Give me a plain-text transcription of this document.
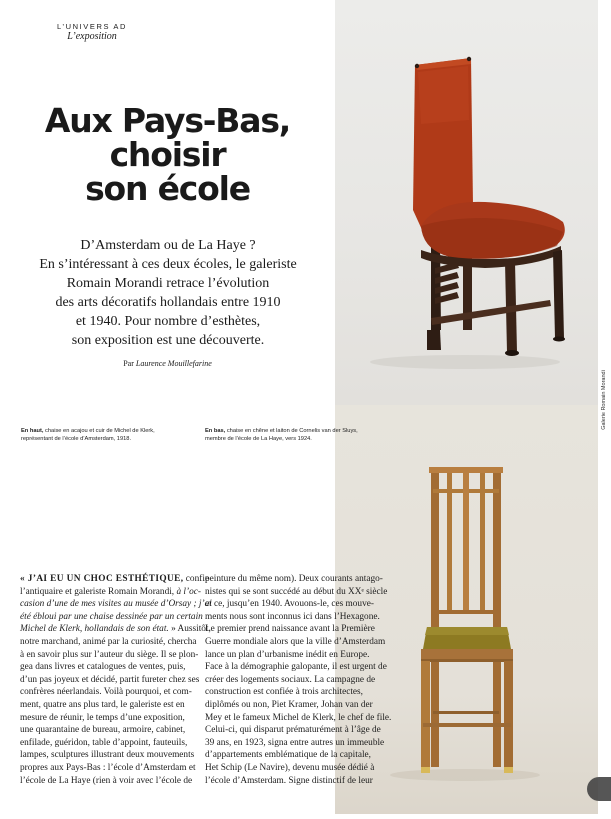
L’UNIVERS AD
L’exposition
Aux Pays-Bas,
choisir
son école
D’Amsterdam ou de La Haye ?
En s’intéressant à ces deux écoles, le galeriste
Romain Morandi retrace l’évolution
des arts décoratifs hollandais entre 1910
et 1940. Pour nombre d’esthètes,
son exposition est une découverte.
Par Laurence Mouillefarine
Galerie Romain Morandi
En haut, chaise en acajou et cuir de Michel de Klerk,
représentant de l’école d’Amsterdam, 1918.
En bas, chaise en chêne et laiton de Cornelis van der Sluys,
membre de l’école de La Haye, vers 1924.
« J’AI EU UN CHOC ESTHÉTIQUE, confie
l’antiquaire et galeriste Romain Morandi, à l’oc-
casion d’une de mes visites au musée d’Orsay ; j’ai
été ébloui par une chaise dessinée par un certain
Michel de Klerk, hollandais de son état. » Aussitôt,
notre marchand, animé par la curiosité, chercha
à en savoir plus sur l’auteur du siège. Il se plon-
gea dans livres et catalogues de ventes, puis,
d’un pas joyeux et décidé, partit fureter chez ses
confrères néerlandais. Voilà pourquoi, et com-
ment, quatre ans plus tard, le galeriste est en
mesure de réunir, le temps d’une exposition,
une quarantaine de bureau, armoire, cabinet,
enfilade, guéridon, table d’appoint, fauteuils,
lampes, sculptures illustrant deux mouvements
propres aux Pays-Bas : l’école d’Amsterdam et
l’école de La Haye (rien à voir avec l’école de
peinture du même nom). Deux courants antago-
nistes qui se sont succédé au début du XXᵉ siècle
et ce, jusqu’en 1940. Avouons-le, ces mouve-
ments nous sont inconnus ici dans l’Hexagone.
Le premier prend naissance avant la Première
Guerre mondiale alors que la ville d’Amsterdam
lance un plan d’urbanisme inédit en Europe.
Face à la démographie galopante, il est urgent de
créer des logements sociaux. La campagne de
construction est confiée à trois architectes,
diplômés ou non, Piet Kramer, Johan van der
Mey et le fameux Michel de Klerk, le chef de file.
Celui-ci, qui disparut prématurément à l’âge de
39 ans, en 1923, signa entre autres un immeuble
d’appartements emblématique de la capitale,
Het Schip (Le Navire), devenu musée dédié à
l’école d’Amsterdam. Signe distinctif de leur
